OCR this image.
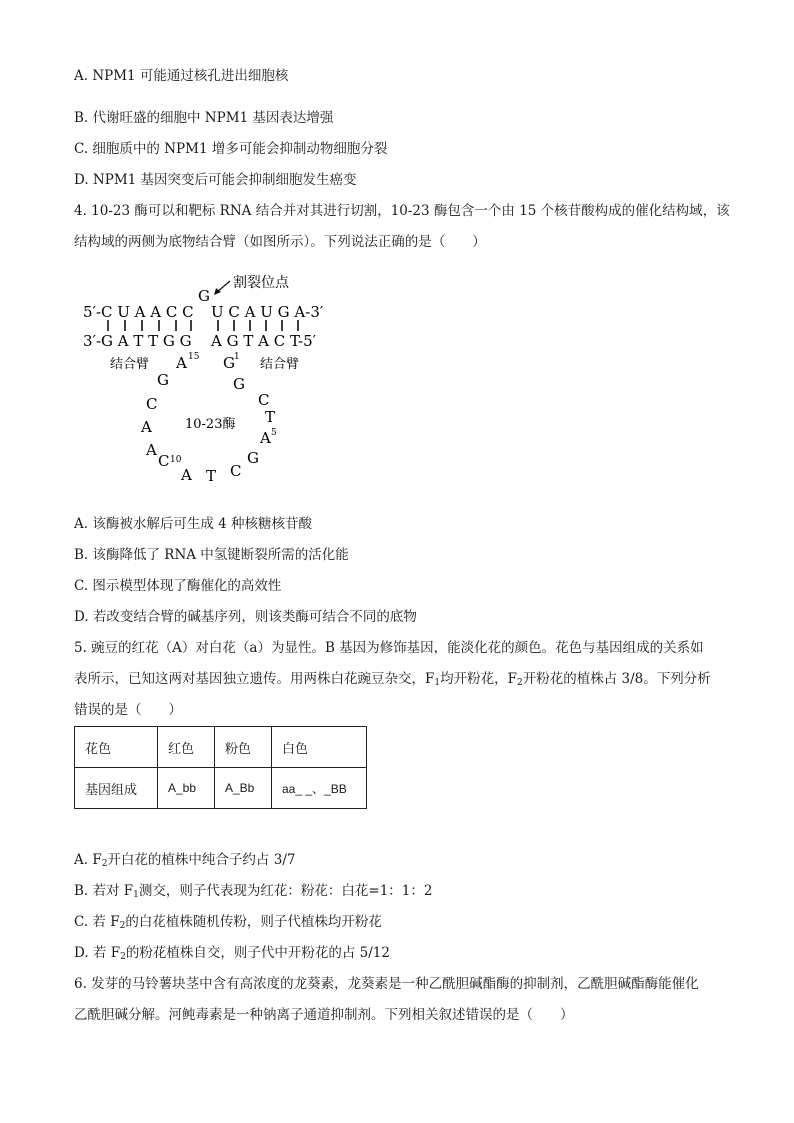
A. NPM1 可能通过核孔进出细胞核
B. 代谢旺盛的细胞中 NPM1 基因表达增强
C. 细胞质中的 NPM1 增多可能会抑制动物细胞分裂
D. NPM1 基因突变后可能会抑制细胞发生癌变
4. 10-23 酶可以和靶标 RNA 结合并对其进行切割，10-23 酶包含一个由 15 个核苷酸构成的催化结构域，该
结构域的两侧为底物结合臂（如图所示）。下列说法正确的是（　　）
割裂位点
G
5′-C U A A C C U C A U G A-3′
3′-G A T T G G A G T A C T-5′
结合臂	结合臂
A 15 G 1
G	G
C	C
T
A	10-23酶
A 5
A	G
C 10
A T C
A. 该酶被水解后可生成 4 种核糖核苷酸
B. 该酶降低了 RNA 中氢键断裂所需的活化能
C. 图示模型体现了酶催化的高效性
D. 若改变结合臂的碱基序列，则该类酶可结合不同的底物
5. 豌豆的红花（A）对白花（a）为显性。B 基因为修饰基因，能淡化花的颜色。花色与基因组成的关系如
表所示，已知这两对基因独立遗传。用两株白花豌豆杂交，$F_1$均开粉花，$F_2$开粉花的植株占 3/8。下列分析
错误的是（　　）
花色	红色	粉色	白色
基因组成	A_bb	A_Bb	aa_ _、_BB
A. $F_2$开白花的植株中纯合子约占 3/7
B. 若对 $F_1$测交，则子代表现为红花：粉花：白花=1：1：2
C. 若 $F_2$的白花植株随机传粉，则子代植株均开粉花
D. 若 $F_2$的粉花植株自交，则子代中开粉花的占 5/12
6. 发芽的马铃薯块茎中含有高浓度的龙葵素，龙葵素是一种乙酰胆碱酯酶的抑制剂，乙酰胆碱酯酶能催化
乙酰胆碱分解。河鲀毒素是一种钠离子通道抑制剂。下列相关叙述错误的是（　　）
